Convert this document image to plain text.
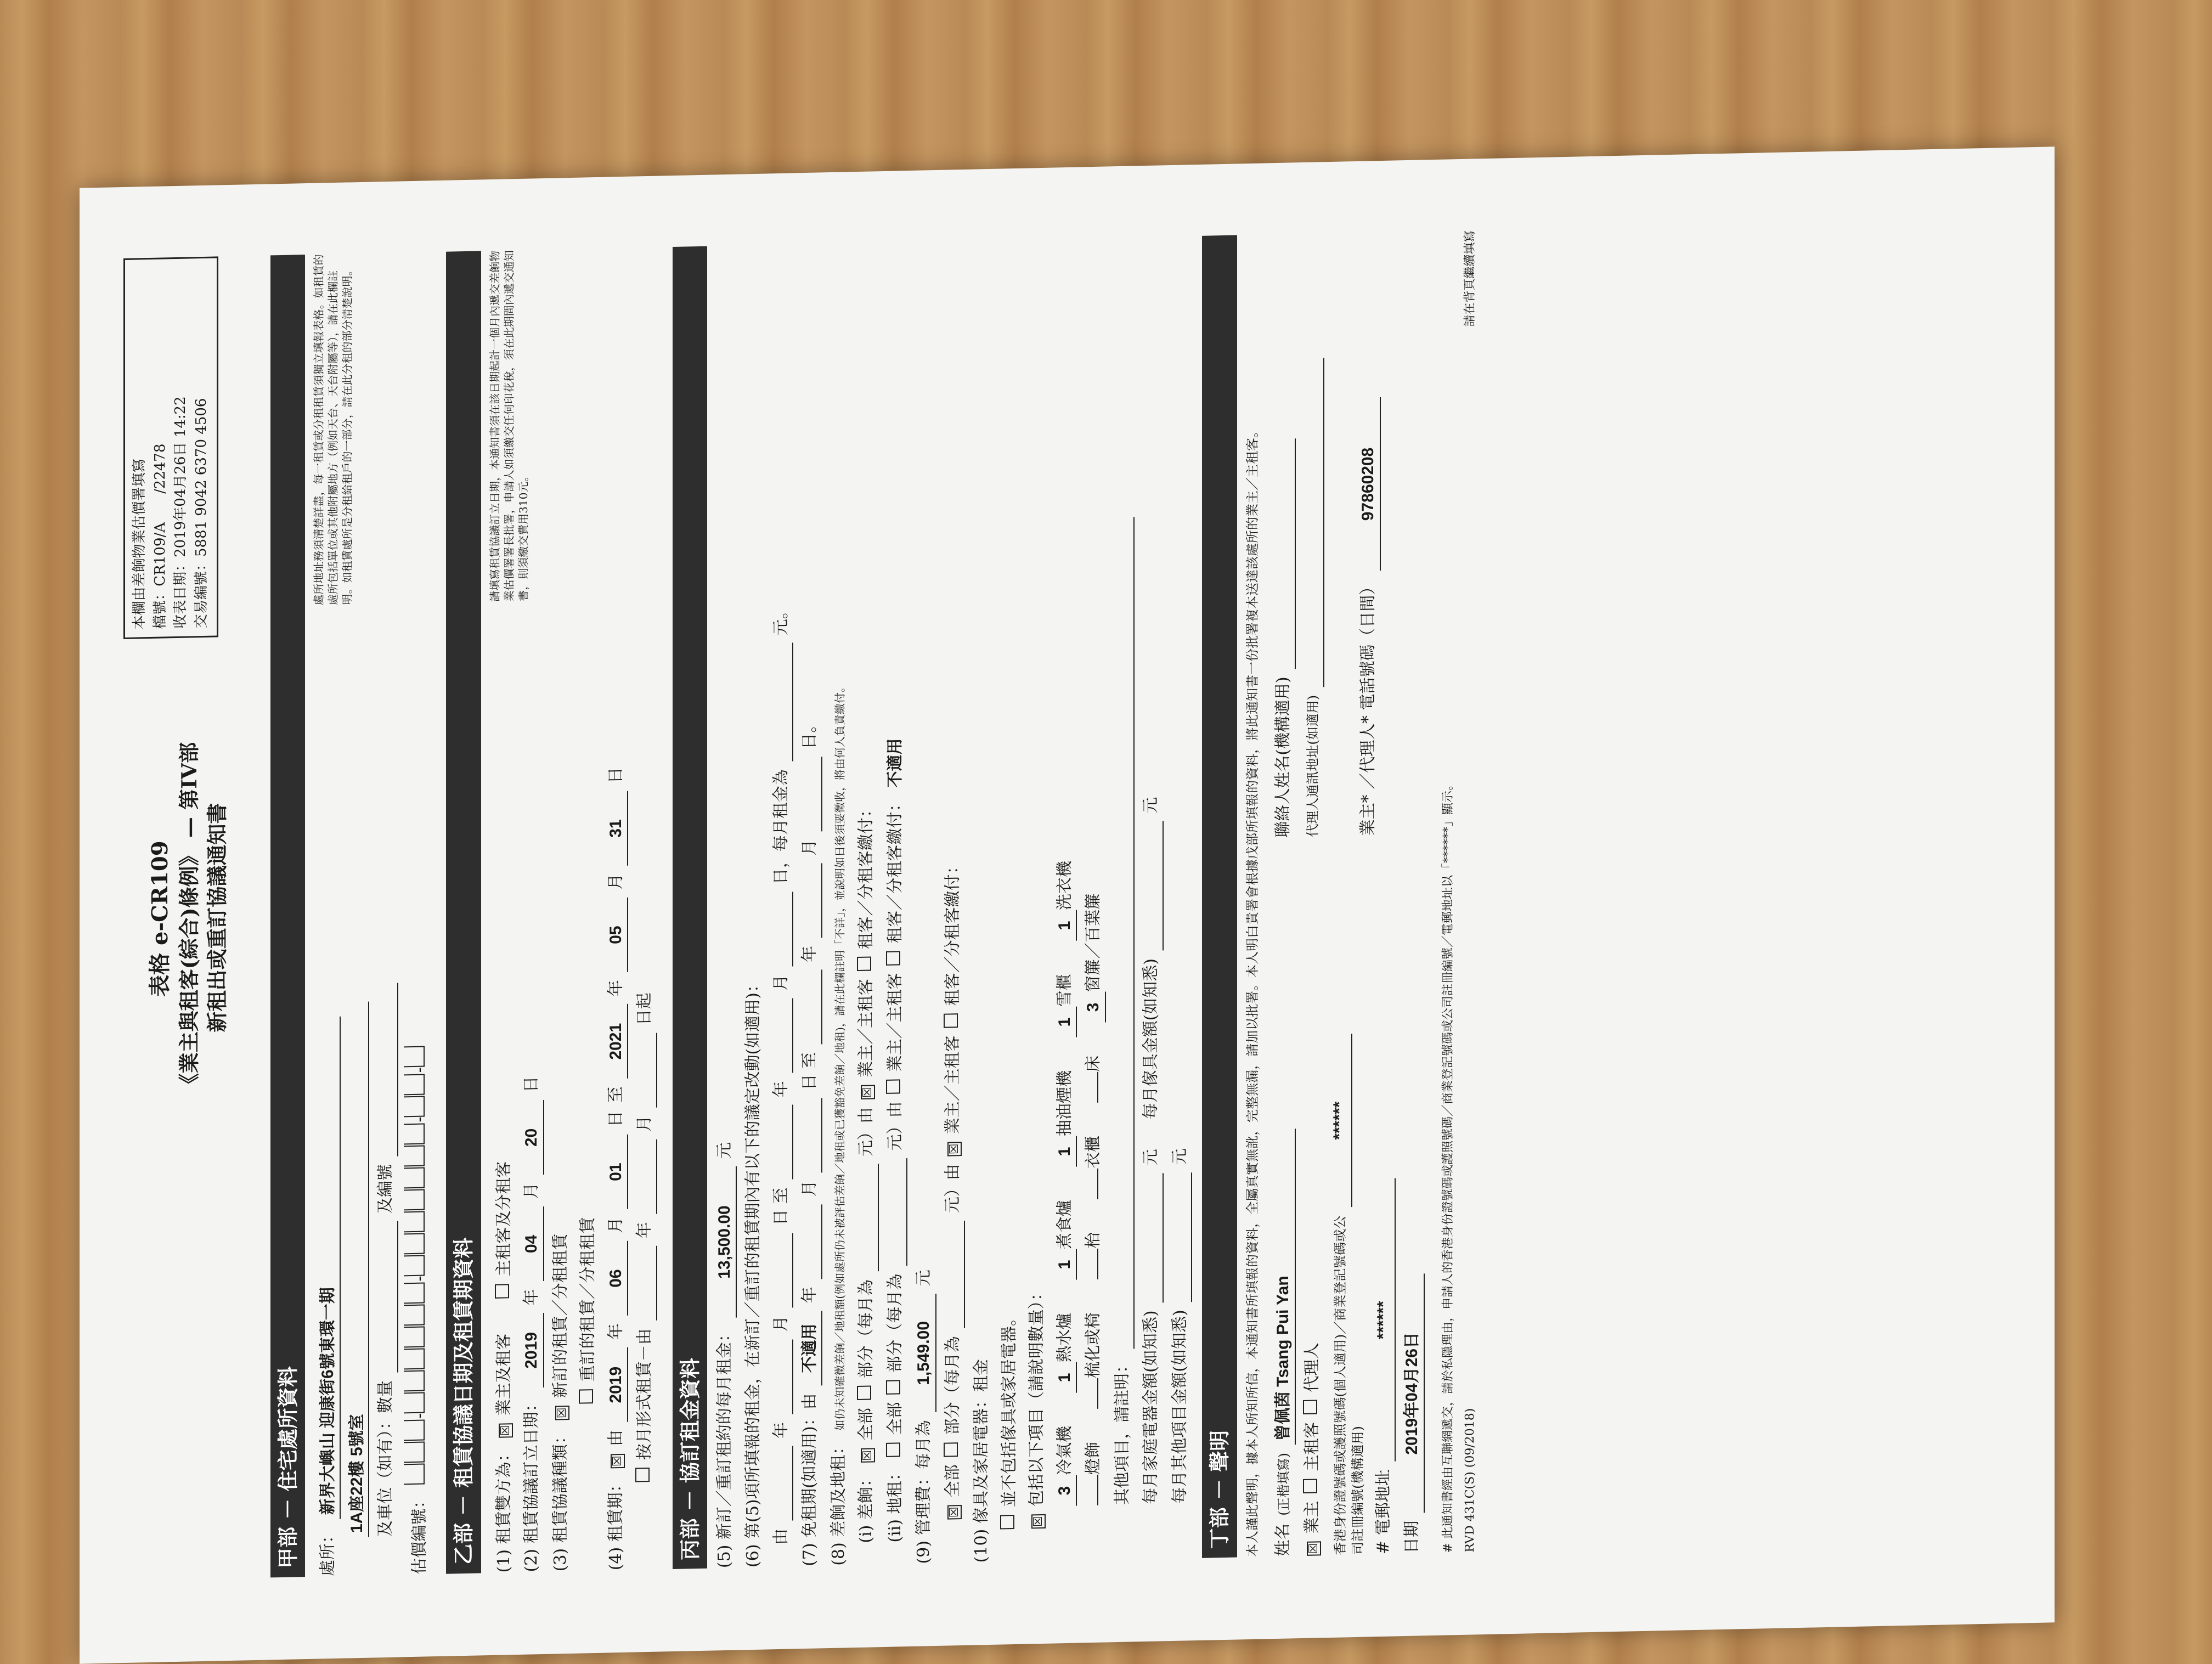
表格 e-CR109 《業主與租客(綜合)條例》 — 第IV部 新租出或重訂協議通知書
本欄由差餉物業估價署填寫 檔號：CR109/A　　/22478 收表日期：2019年04月26日 14:22 交易編號：5881 9042 6370 4506
甲部 － 住宅處所資料	處所：
新界大嶼山 迎康街6號東環一期 1A座22樓 5號室 及車位（如有）：數量

及編號

估價編號：
----
處所地址務須清楚詳盡，每一租賃或分租租賃須獨立填報表格。如租賃的處所包括單位或其他附屬地方（例如天台、天台附屬等），請在此欄註明。如租賃處所是分租給租戶的一部分，請在此分租的部分清楚說明。
乙部 － 租賃協議日期及租賃期資料	(1) 租賃雙方為：
☒
業主及租客
主租客及分租客
(2) 租賃協議訂立日期：
2019
年
04
月
20
日
(3) 租賃協議種類：
☒
新訂的租賃／分租租賃 重訂的租賃／分租租賃
(4) 租賃期：
☒
由
2019
年
06
月
01
日
至
2021
年
05
月
31
日
按月形式租賃－由

年

月

日起
請填寫租賃協議訂立日期，本通知書須在該日期起計一個月內遞交差餉物業估價署署長批署，申請人如須繳交任何印花稅，須在此期間內遞交通知書，則須繳交費用310元。
丙部 － 協訂租金資料 (5) 新訂／重訂租約的每月租金：
13,500.00
元 (6) 第(5)項所填報的租金，在新訂／重訂的租賃期內有以下的議定改動(如適用)： 由

年

月

日 至

年

月

日，每月租金為

元。
(7) 免租期(如適用)：由
不適用
年

月

日 至

年

月

日。
(8) 差餉及地租：
如仍未知確徵差餉／地租額(例如處所仍未被評估差餉／地租或已獲豁免差餉／地租)，請在此欄註明「不詳」，並說明如日後須要徵收，將由何人負責繳付。
(i) 差餉：
☒
全部
部分（每月為

元）由
☒
業主／主租客
租客／分租客繳付：
(ii) 地租：
全部
部分（每月為

元）由
業主／主租客
租客／分租客繳付：
不適用
(9) 管理費：每月為
1,549.00
元
☒
全部
部分（每月為

元）由
☒
業主／主租客
租客／分租客繳付：
(10) 傢具及家居電器：租金 並不包括傢具或家居電器。
☒
包括以下項目（請說明數量）： 3冷氣機
1熱水爐
1煮食爐
1抽油煙機
1雪櫃
1洗衣機
燈飾
梳化或椅
枱
衣櫃
床
3窗簾／百葉簾
其他項目，請註明：
每月家庭電器金額(如知悉)

元
每月傢具金額(如知悉)

元
每月其他項目金額(如知悉)

元
丁部 － 聲明 本人謹此聲明，據本人所知所信，本通知書所填報的資料，全屬真實無訛，完整無漏，請加以批署。本人明白貴署會根據戊部所填報的資料，將此通知書一份批署複本送達該處所的業主／主租客。 姓名
(正楷填寫)
曾佩茵 Tsang Pui Yan
☒
業主
主租客
代理人 香港身份證號碼或護照號碼(個人適用)／商業登記號碼或公司註冊編號(機構適用)
******
# 電郵地址
******
日期
2019年04月26日
聯絡人姓名(機構適用)
代理人通訊地址(如適用)
業主* ／代理人* 電話號碼（日間）
97860208
# 此通知書經由互聯網遞交，請於私隱理由，申請人的香港身份證號碼或護照號碼／商業登記號碼或公司註冊編號／電郵地址以「******」顯示。 RVD 431C(S) (09/2018)
請在背頁繼續填寫
